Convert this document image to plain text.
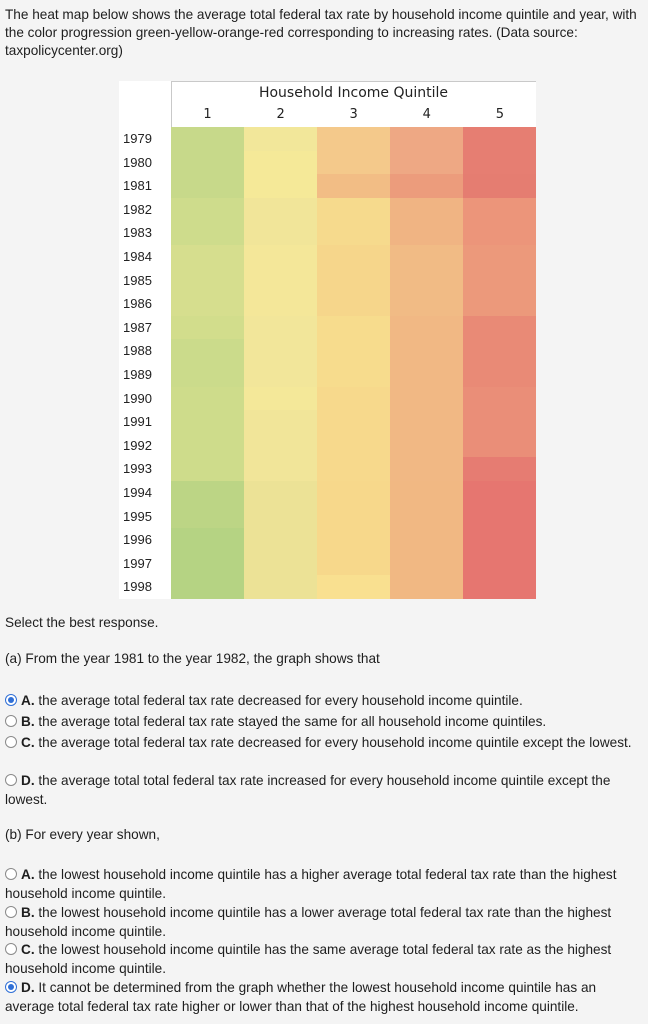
The heat map below shows the average total federal tax rate by household income quintile and year, with the color progression green-yellow-orange-red corresponding to increasing rates. (Data source: taxpolicycenter.org)
Household Income Quintile
1	2	3	4	5
1979
1980
1981
1982
1983
1984
1985
1986
1987
1988
1989
1990
1991
1992
1993
1994
1995
1996
1997
1998
Select the best response.
(a) From the year 1981 to the year 1982, the graph shows that
A. the average total federal tax rate decreased for every household income quintile.
B. the average total federal tax rate stayed the same for all household income quintiles.
C. the average total federal tax rate decreased for every household income quintile except the lowest.
D. the average total total federal tax rate increased for every household income quintile except the lowest.
(b) For every year shown,
A. the lowest household income quintile has a higher average total federal tax rate than the highest household income quintile.
B. the lowest household income quintile has a lower average total federal tax rate than the highest household income quintile.
C. the lowest household income quintile has the same average total federal tax rate as the highest household income quintile.
D. It cannot be determined from the graph whether the lowest household income quintile has an average total federal tax rate higher or lower than that of the highest household income quintile.
